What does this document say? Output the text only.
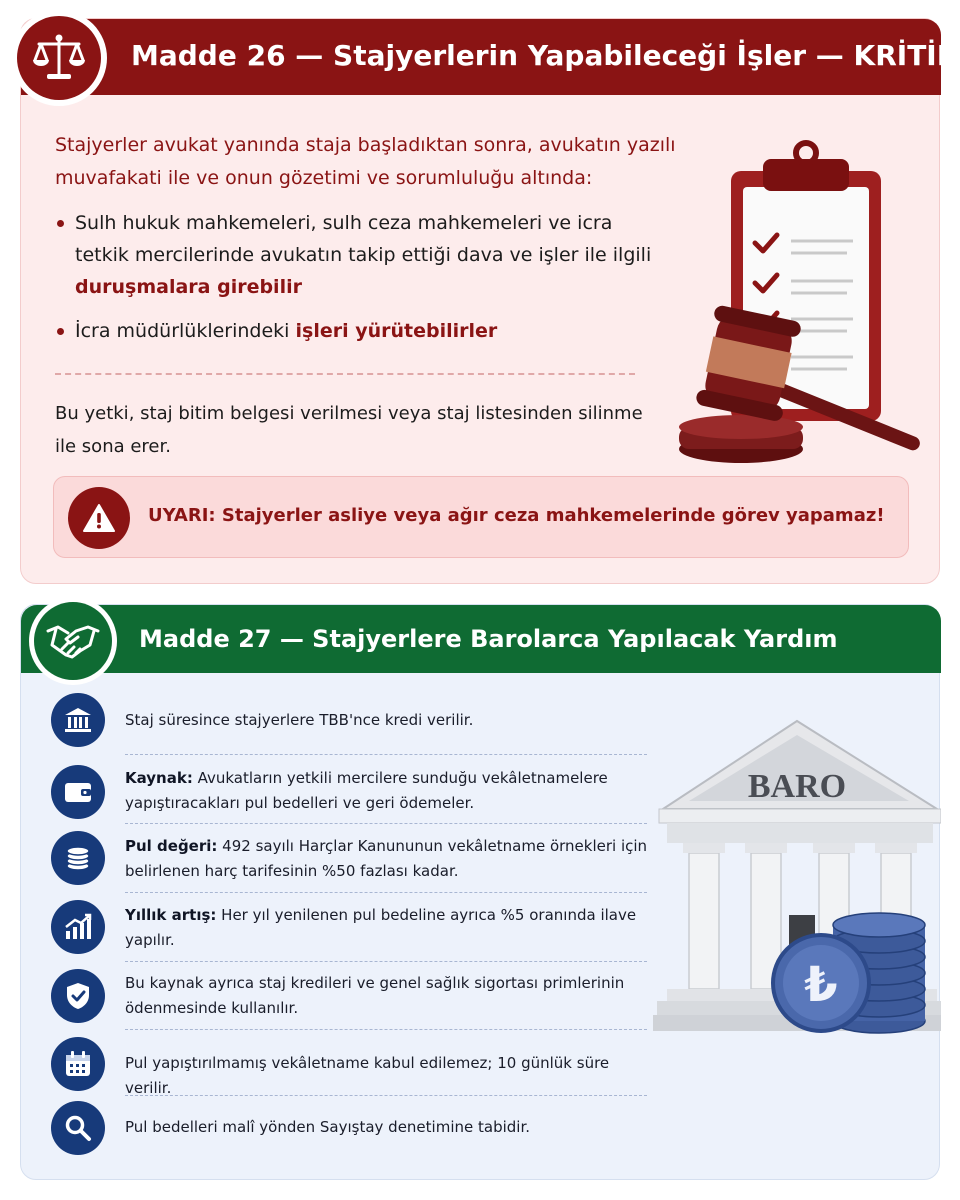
Madde 26 — Stajyerlerin Yapabileceği İşler — KRİTİK

Stajyerler avukat yanında staja başladıktan sonra, avukatın yazılı muvafakati ile ve onun gözetimi ve sorumluluğu altında:

Sulh hukuk mahkemeleri, sulh ceza mahkemeleri ve icra tetkik mercilerinde avukatın takip ettiği dava ve işler ile ilgili duruşmalara girebilir
İcra müdürlüklerindeki işleri yürütebilirler

Bu yetki, staj bitim belgesi verilmesi veya staj listesinden silinme ile sona erer.

UYARI: Stajyerler asliye veya ağır ceza mahkemelerinde görev yapamaz!

Madde 27 — Stajyerlere Barolarca Yapılacak Yardım

Staj süresince stajyerlere TBB'nce kredi verilir.

Kaynak: Avukatların yetkili mercilere sunduğu vekâletnamelere yapıştıracakları pul bedelleri ve geri ödemeler.

Pul değeri: 492 sayılı Harçlar Kanununun vekâletname örnekleri için belirlenen harç tarifesinin %50 fazlası kadar.

Yıllık artış: Her yıl yenilenen pul bedeline ayrıca %5 oranında ilave yapılır.

Bu kaynak ayrıca staj kredileri ve genel sağlık sigortası primlerinin ödenmesinde kullanılır.

Pul yapıştırılmamış vekâletname kabul edilemez; 10 günlük süre verilir.

Pul bedelleri malî yönden Sayıştay denetimine tabidir.

BARO
₺
